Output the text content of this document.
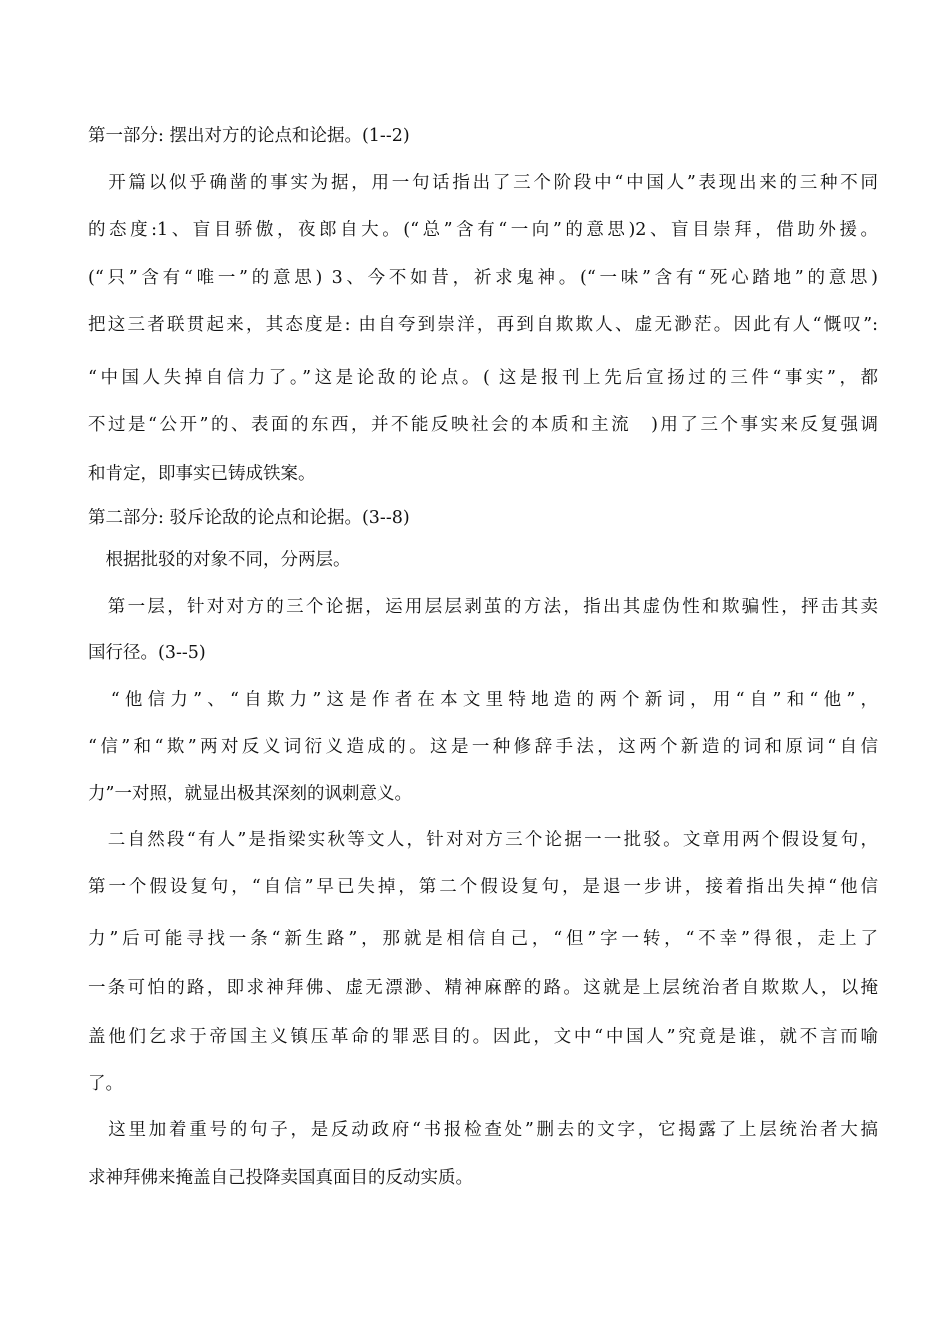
第一部分: 摆出对方的论点和论据。(1--2)
　开篇以似乎确凿的事实为据，用一句话指出了三个阶段中“中国人”表现出来的三种不同
的态度:1、盲目骄傲，夜郎自大。(“总”含有“一向”的意思)2、盲目崇拜，借助外援。
(“只”含有“唯一”的意思) 3、今不如昔，祈求鬼神。(“一味”含有“死心踏地”的意思)
把这三者联贯起来，其态度是: 由自夸到崇洋，再到自欺欺人、虚无渺茫。因此有人“慨叹”:
“中国人失掉自信力了。”这是论敌的论点。( 这是报刊上先后宣扬过的三件“事实”，都
不过是“公开”的、表面的东西，并不能反映社会的本质和主流　)用了三个事实来反复强调
和肯定，即事实已铸成铁案。
第二部分: 驳斥论敌的论点和论据。(3--8)
　根据批驳的对象不同，分两层。
　第一层，针对对方的三个论据，运用层层剥茧的方法，指出其虚伪性和欺骗性，抨击其卖
国行径。(3--5)
　“他信力”、“自欺力”这是作者在本文里特地造的两个新词，用“自”和“他”，
“信”和“欺”两对反义词衍义造成的。这是一种修辞手法，这两个新造的词和原词“自信
力”一对照，就显出极其深刻的讽刺意义。
　二自然段“有人”是指梁实秋等文人，针对对方三个论据一一批驳。文章用两个假设复句，
第一个假设复句，“自信”早已失掉，第二个假设复句，是退一步讲，接着指出失掉“他信
力”后可能寻找一条“新生路”，那就是相信自己，“但”字一转，“不幸”得很，走上了
一条可怕的路，即求神拜佛、虚无漂渺、精神麻醉的路。这就是上层统治者自欺欺人，以掩
盖他们乞求于帝国主义镇压革命的罪恶目的。因此，文中“中国人”究竟是谁，就不言而喻
了。
　这里加着重号的句子，是反动政府“书报检查处”删去的文字，它揭露了上层统治者大搞
求神拜佛来掩盖自己投降卖国真面目的反动实质。
